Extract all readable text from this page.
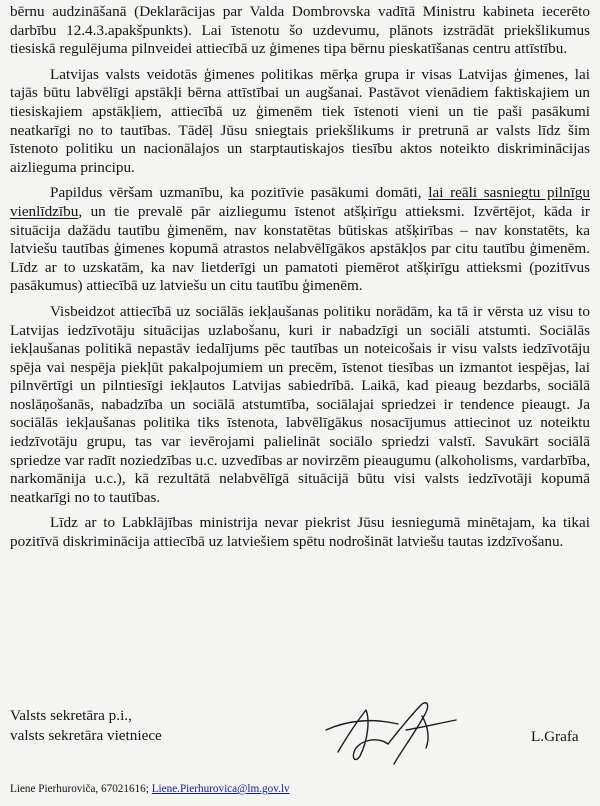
bērnu audzināšanā (Deklarācijas par Valda Dombrovska vadītā Ministru kabineta iecerēto darbību 12.4.3.apakšpunkts). Lai īstenotu šo uzdevumu, plānots izstrādāt priekšlikumus tiesiskā regulējuma pilnveidei attiecībā uz ģimenes tipa bērnu pieskatīšanas centru attīstību.

Latvijas valsts veidotās ģimenes politikas mērķa grupa ir visas Latvijas ģimenes, lai tajās būtu labvēlīgi apstākļi bērna attīstībai un augšanai. Pastāvot vienādiem faktiskajiem un tiesiskajiem apstākļiem, attiecībā uz ģimenēm tiek īstenoti vieni un tie paši pasākumi neatkarīgi no to tautības. Tādēļ Jūsu sniegtais priekšlikums ir pretrunā ar valsts līdz šim īstenoto politiku un nacionālajos un starptautiskajos tiesību aktos noteikto diskriminācijas aizlieguma principu.

Papildus vēršam uzmanību, ka pozitīvie pasākumi domāti, lai reāli sasniegtu pilnīgu vienlīdzību, un tie prevalē pār aizliegumu īstenot atšķirīgu attieksmi. Izvērtējot, kāda ir situācija dažādu tautību ģimenēm, nav konstatētas būtiskas atšķirības – nav konstatēts, ka latviešu tautības ģimenes kopumā atrastos nelabvēlīgākos apstākļos par citu tautību ģimenēm. Līdz ar to uzskatām, ka nav lietderīgi un pamatoti piemērot atšķirīgu attieksmi (pozitīvus pasākumus) attiecībā uz latviešu un citu tautību ģimenēm.

Visbeidzot attiecībā uz sociālās iekļaušanas politiku norādām, ka tā ir vērsta uz visu to Latvijas iedzīvotāju situācijas uzlabošanu, kuri ir nabadzīgi un sociāli atstumti. Sociālās iekļaušanas politikā nepastāv iedalījums pēc tautības un noteicošais ir visu valsts iedzīvotāju spēja vai nespēja piekļūt pakalpojumiem un precēm, īstenot tiesības un izmantot iespējas, lai pilnvērtīgi un pilntiesīgi iekļautos Latvijas sabiedrībā. Laikā, kad pieaug bezdarbs, sociālā noslāņošanās, nabadzība un sociālā atstumtība, sociālajai spriedzei ir tendence pieaugt. Ja sociālās iekļaušanas politika tiks īstenota, labvēlīgākus nosacījumus attiecinot uz noteiktu iedzīvotāju grupu, tas var ievērojami palielināt sociālo spriedzi valstī. Savukārt sociālā spriedze var radīt noziedzības u.c. uzvedības ar novirzēm pieaugumu (alkoholisms, vardarbība, narkomānija u.c.), kā rezultātā nelabvēlīgā situācijā būtu visi valsts iedzīvotāji kopumā neatkarīgi no to tautības.

Līdz ar to Labklājības ministrija nevar piekrist Jūsu iesniegumā minētajam, ka tikai pozitīvā diskriminācija attiecībā uz latviešiem spētu nodrošināt latviešu tautas izdzīvošanu.

Valsts sekretāra p.i.,
valsts sekretāra vietniece	L.Grafa
Liene Pierhuroviča, 67021616; Liene.Pierhurovica@lm.gov.lv
